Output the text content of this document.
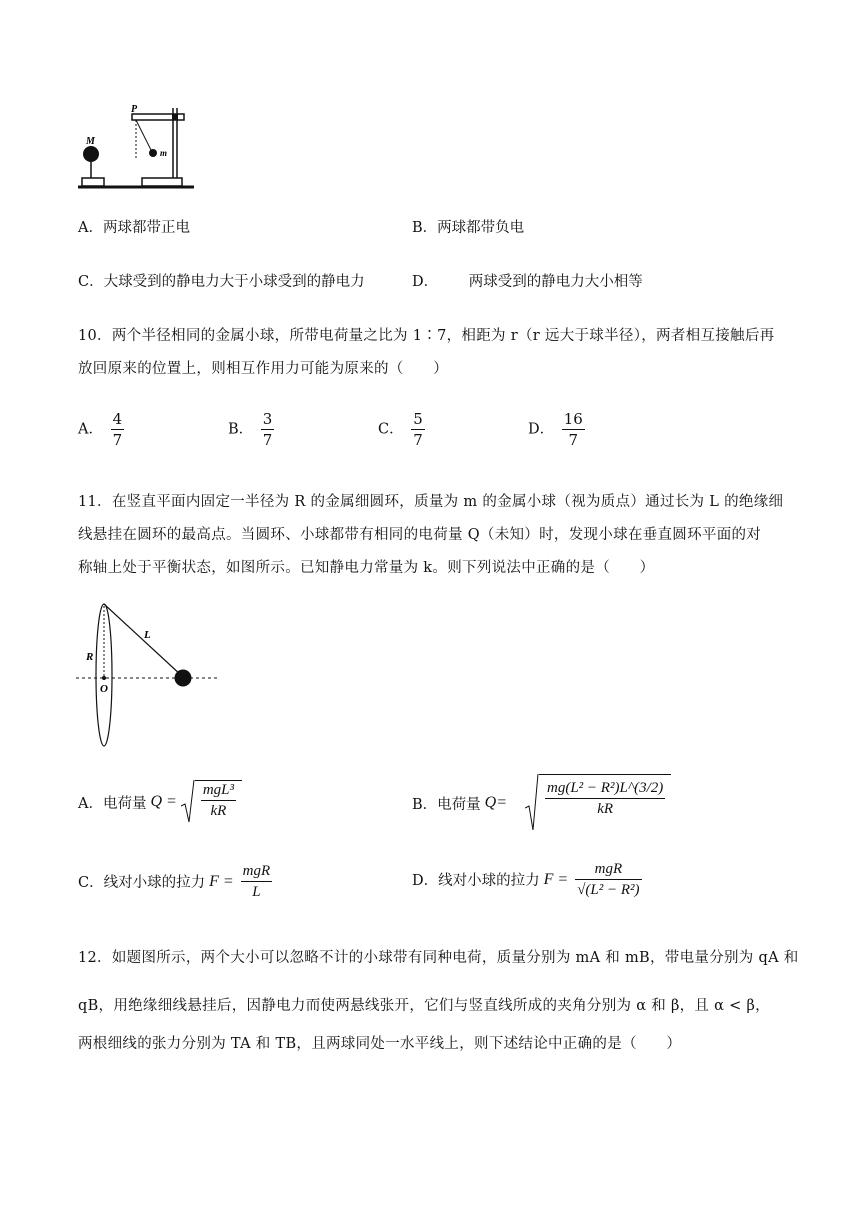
M
P
m
A．两球都带正电	B．两球都带负电
C．大球受到的静电力大于小球受到的静电力	D． 两球受到的静电力大小相等
10．两个半径相同的金属小球，所带电荷量之比为 1∶7，相距为 r（r 远大于球半径），两者相互接触后再
放回原来的位置上，则相互作用力可能为原来的（　　）
A． $\frac{4}{7}$	B． $\frac{3}{7}$	C． $\frac{5}{7}$	D． $\frac{16}{7}$
11．在竖直平面内固定一半径为 R 的金属细圆环，质量为 m 的金属小球（视为质点）通过长为 L 的绝缘细
线悬挂在圆环的最高点。当圆环、小球都带有相同的电荷量 Q（未知）时，发现小球在垂直圆环平面的对
称轴上处于平衡状态，如图所示。已知静电力常量为 k。则下列说法中正确的是（　　）
L
R
O
A．电荷量 $Q = \frac{\text{mgL³}}{kR}$	B．电荷量 Q=	$\frac{\text{mg(L² − R²)L\textasciicircum{}(3/2)}}{kR}$
C．线对小球的拉力 $F = \frac{\text{mgR}}{L}$	D．线对小球的拉力 $F = \frac{\text{mgR}}{\text{√(L² − R²)}}$
12．如题图所示，两个大小可以忽略不计的小球带有同种电荷，质量分别为 mA 和 mB，带电量分别为 qA 和
qB，用绝缘细线悬挂后，因静电力而使两悬线张开，它们与竖直线所成的夹角分别为 α 和 β，且 α < β，
两根细线的张力分别为 TA 和 TB，且两球同处一水平线上，则下述结论中正确的是（　　）
